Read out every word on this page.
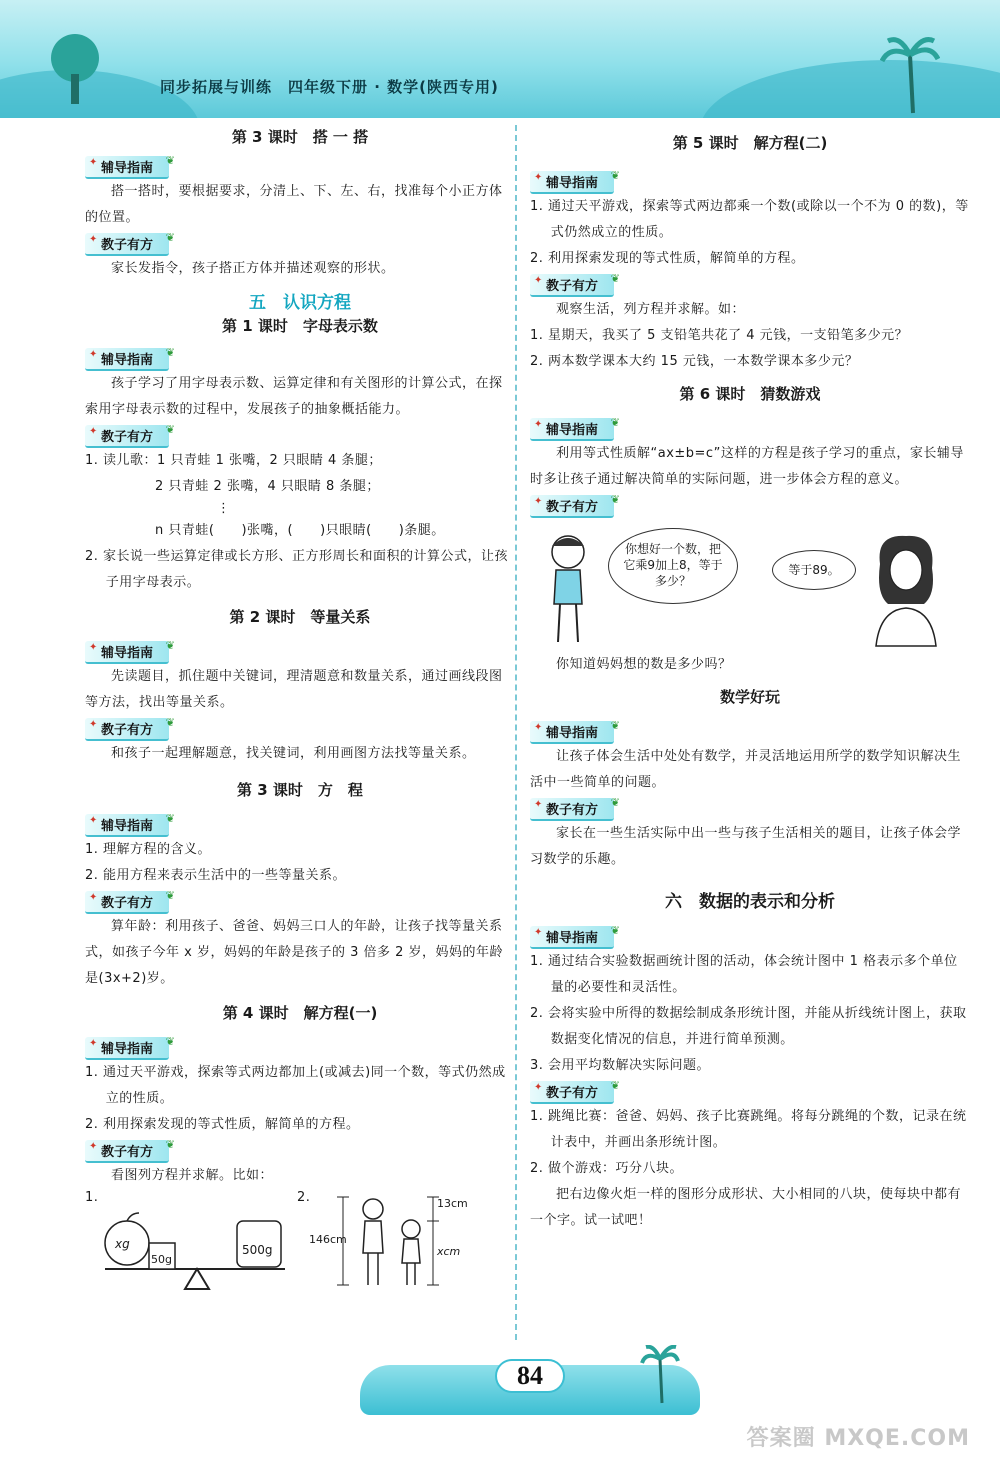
同步拓展与训练　四年级下册 · 数学(陕西专用)
第 3 课时　搭 一 搭
✦ 辅导指南
❦
搭一搭时，要根据要求，分清上、下、左、右，找准每个小正方体的位置。
✦ 教子有方
❦
家长发指令，孩子搭正方体并描述观察的形状。
五　认识方程
第 1 课时　字母表示数
✦ 辅导指南
❦
孩子学习了用字母表示数、运算定律和有关图形的计算公式，在探索用字母表示数的过程中，发展孩子的抽象概括能力。
✦ 教子有方
❦
1. 读儿歌：1 只青蛙 1 张嘴，2 只眼睛 4 条腿；
2 只青蛙 2 张嘴，4 只眼睛 8 条腿；
⋮
n 只青蛙(　　)张嘴，(　　)只眼睛(　　)条腿。
2. 家长说一些运算定律或长方形、正方形周长和面积的计算公式，让孩子用字母表示。
第 2 课时　等量关系
✦ 辅导指南
❦
先读题目，抓住题中关键词，理清题意和数量关系，通过画线段图等方法，找出等量关系。
✦ 教子有方
❦
和孩子一起理解题意，找关键词，利用画图方法找等量关系。
第 3 课时　方　程
✦ 辅导指南
❦
1. 理解方程的含义。
2. 能用方程来表示生活中的一些等量关系。
✦ 教子有方
❦
算年龄：利用孩子、爸爸、妈妈三口人的年龄，让孩子找等量关系式，如孩子今年 x 岁，妈妈的年龄是孩子的 3 倍多 2 岁，妈妈的年龄是(3x+2)岁。
第 4 课时　解方程(一)
✦ 辅导指南
❦
1. 通过天平游戏，探索等式两边都加上(或减去)同一个数，等式仍然成立的性质。
2. 利用探索发现的等式性质，解简单的方程。
✦ 教子有方
❦
看图列方程并求解。比如：
1.
xg
50g
500g
2.
146cm
13cm
xcm
第 5 课时　解方程(二)
✦ 辅导指南
❦
1. 通过天平游戏，探索等式两边都乘一个数(或除以一个不为 0 的数)，等式仍然成立的性质。
2. 利用探索发现的等式性质，解简单的方程。
✦ 教子有方
❦
观察生活，列方程并求解。如：
1. 星期天，我买了 5 支铅笔共花了 4 元钱，一支铅笔多少元？
2. 两本数学课本大约 15 元钱，一本数学课本多少元？
第 6 课时　猜数游戏
✦ 辅导指南
❦
利用等式性质解“ax±b=c”这样的方程是孩子学习的重点，家长辅导时多让孩子通过解决简单的实际问题，进一步体会方程的意义。
✦ 教子有方
❦
你想好一个数，把它乘9加上8，等于多少？
等于89。
你知道妈妈想的数是多少吗？
数学好玩
✦ 辅导指南
❦
让孩子体会生活中处处有数学，并灵活地运用所学的数学知识解决生活中一些简单的问题。
✦ 教子有方
❦
家长在一些生活实际中出一些与孩子生活相关的题目，让孩子体会学习数学的乐趣。
六　数据的表示和分析
✦ 辅导指南
❦
1. 通过结合实验数据画统计图的活动，体会统计图中 1 格表示多个单位量的必要性和灵活性。
2. 会将实验中所得的数据绘制成条形统计图，并能从折线统计图上，获取数据变化情况的信息，并进行简单预测。
3. 会用平均数解决实际问题。
✦ 教子有方
❦
1. 跳绳比赛：爸爸、妈妈、孩子比赛跳绳。将每分跳绳的个数，记录在统计表中，并画出条形统计图。
2. 做个游戏：巧分八块。
把右边像火炬一样的图形分成形状、大小相同的八块，使每块中都有一个字。试一试吧！
84
答案圈 MXQE.COM
